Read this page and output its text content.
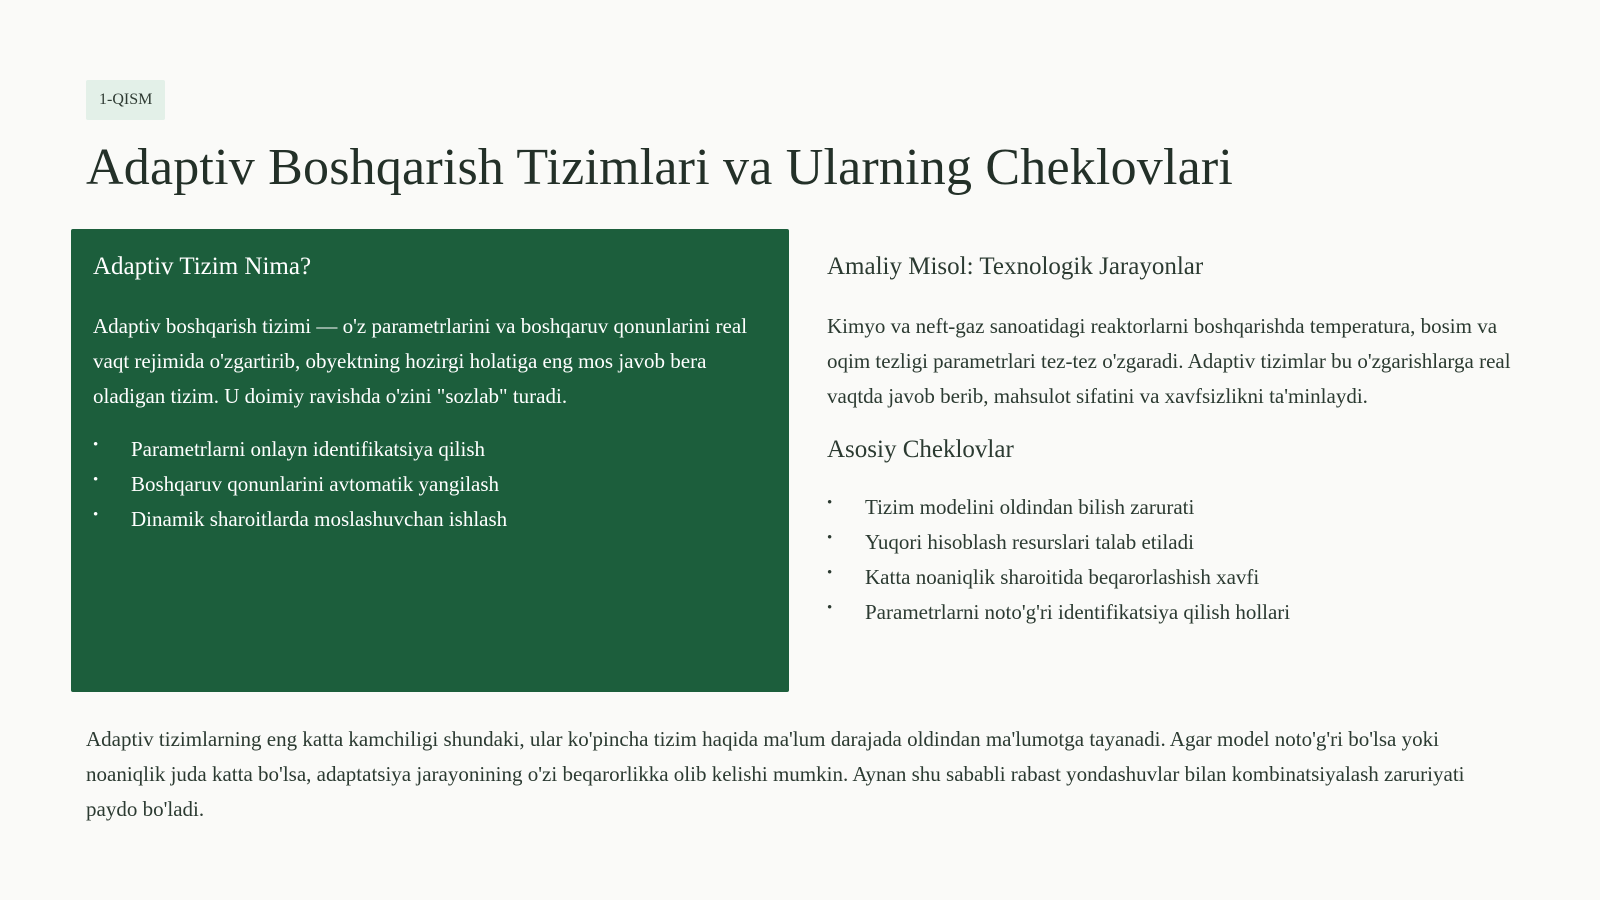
1-QISM
Adaptiv Boshqarish Tizimlari va Ularning Cheklovlari
Adaptiv Tizim Nima?

Adaptiv boshqarish tizimi — o'z parametrlarini va boshqaruv qonunlarini real vaqt rejimida o'zgartirib, obyektning hozirgi holatiga eng mos javob bera oladigan tizim. U doimiy ravishda o'zini "sozlab" turadi.

• Parametrlarni onlayn identifikatsiya qilish
• Boshqaruv qonunlarini avtomatik yangilash
• Dinamik sharoitlarda moslashuvchan ishlash
Amaliy Misol: Texnologik Jarayonlar

Kimyo va neft-gaz sanoatidagi reaktorlarni boshqarishda temperatura, bosim va oqim tezligi parametrlari tez-tez o'zgaradi. Adaptiv tizimlar bu o'zgarishlarga real vaqtda javob berib, mahsulot sifatini va xavfsizlikni ta'minlaydi.

Asosiy Cheklovlar
• Tizim modelini oldindan bilish zarurati
• Yuqori hisoblash resurslari talab etiladi
• Katta noaniqlik sharoitida beqarorlashish xavfi
• Parametrlarni noto'g'ri identifikatsiya qilish hollari

Adaptiv tizimlarning eng katta kamchiligi shundaki, ular ko'pincha tizim haqida ma'lum darajada oldindan ma'lumotga tayanadi. Agar model noto'g'ri bo'lsa yoki noaniqlik juda katta bo'lsa, adaptatsiya jarayonining o'zi beqarorlikka olib kelishi mumkin. Aynan shu sababli rabast yondashuvlar bilan kombinatsiyalash zaruriyati paydo bo'ladi.
